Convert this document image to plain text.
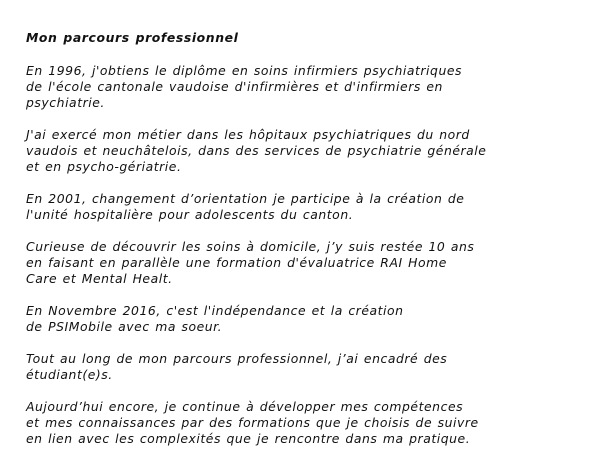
Mon parcours professionnel

En 1996, j'obtiens le diplôme en soins infirmiers psychiatriques
de l'école cantonale vaudoise d'infirmières et d'infirmiers en
psychiatrie.

J'ai exercé mon métier dans les hôpitaux psychiatriques du nord
vaudois et neuchâtelois, dans des services de psychiatrie générale
et en psycho-gériatrie.

En 2001, changement d’orientation je participe à la création de
l'unité hospitalière pour adolescents du canton.

Curieuse de découvrir les soins à domicile, j’y suis restée 10 ans
en faisant en parallèle une formation d'évaluatrice RAI Home
Care et Mental Healt.

En Novembre 2016, c'est l'indépendance et la création
de PSIMobile avec ma soeur.

Tout au long de mon parcours professionnel, j’ai encadré des
étudiant(e)s.

Aujourd’hui encore, je continue à développer mes compétences
et mes connaissances par des formations que je choisis de suivre
en lien avec les complexités que je rencontre dans ma pratique.
